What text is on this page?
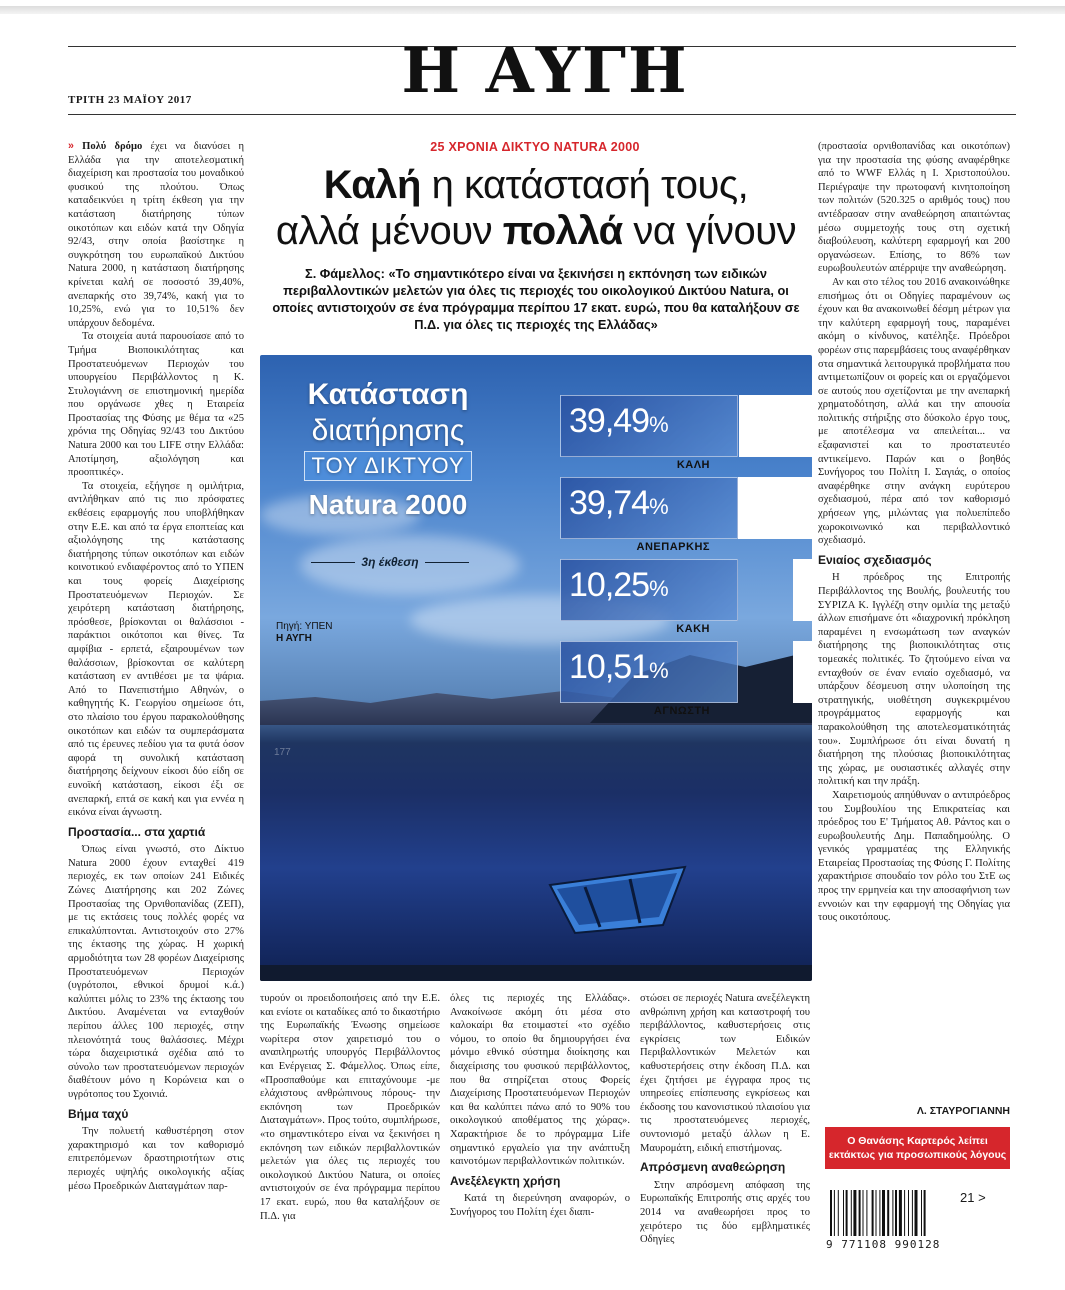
Η ΑΥΓΗ
ΤΡΙΤΗ 23 ΜΑΪΟΥ 2017

» Πολύ δρόμο έχει να διανύσει η Ελλάδα για την αποτελεσματική διαχείριση και προστασία του μοναδικού φυσικού της πλούτου. Όπως καταδεικνύει η τρίτη έκθεση για την κατάσταση διατήρησης τύπων οικοτόπων και ειδών κατά την Οδηγία 92/43, στην οποία βασίστηκε η συγκρότηση του ευρωπαϊκού Δικτύου Natura 2000, η κατάσταση διατήρησης κρίνεται καλή σε ποσοστό 39,40%, ανεπαρκής στο 39,74%, κακή για το 10,25%, ενώ για το 10,51% δεν υπάρχουν δεδομένα.

Τα στοιχεία αυτά παρουσίασε από το Τμήμα Βιοποικιλότητας και Προστατευόμενων Περιοχών του υπουργείου Περιβάλλοντος η Κ. Στυλογιάννη σε επιστημονική ημερίδα που οργάνωσε χθες η Εταιρεία Προστασίας της Φύσης με θέμα τα «25 χρόνια της Οδηγίας 92/43 του Δικτύου Natura 2000 και του LIFE στην Ελλάδα: Αποτίμηση, αξιολόγηση και προοπτικές».

Τα στοιχεία, εξήγησε η ομιλήτρια, αντλήθηκαν από τις πιο πρόσφατες εκθέσεις εφαρμογής που υποβλήθηκαν στην Ε.Ε. και από τα έργα εποπτείας και αξιολόγησης της κατάστασης διατήρησης τύπων οικοτόπων και ειδών κοινοτικού ενδιαφέροντος από το ΥΠΕΝ και τους φορείς Διαχείρισης Προστατευόμενων Περιοχών. Σε χειρότερη κατάσταση διατήρησης, πρόσθεσε, βρίσκονται οι θαλάσσιοι - παράκτιοι οικότοποι και θίνες. Τα αμφίβια - ερπετά, εξαιρουμένων των θαλάσσιων, βρίσκονται σε καλύτερη κατάσταση εν αντιθέσει με τα ψάρια. Από το Πανεπιστήμιο Αθηνών, ο καθηγητής Κ. Γεωργίου σημείωσε ότι, στο πλαίσιο του έργου παρακολούθησης οικοτόπων και ειδών τα συμπεράσματα από τις έρευνες πεδίου για τα φυτά όσον αφορά τη συνολική κατάσταση διατήρησης δείχνουν είκοσι δύο είδη σε ευνοϊκή κατάσταση, είκοσι έξι σε ανεπαρκή, επτά σε κακή και για εννέα η εικόνα είναι άγνωστη.

Προστασία... στα χαρτιά

Όπως είναι γνωστό, στο Δίκτυο Natura 2000 έχουν ενταχθεί 419 περιοχές, εκ των οποίων 241 Ειδικές Ζώνες Διατήρησης και 202 Ζώνες Προστασίας της Ορνιθοπανίδας (ΖΕΠ), με τις εκτάσεις τους πολλές φορές να επικαλύπτονται. Αντιστοιχούν στο 27% της έκτασης της χώρας. Η χωρική αρμοδιότητα των 28 φορέων Διαχείρισης Προστατευόμενων Περιοχών (υγρότοποι, εθνικοί δρυμοί κ.ά.) καλύπτει μόλις το 23% της έκτασης του Δικτύου. Αναμένεται να ενταχθούν περίπου άλλες 100 περιοχές, στην πλειονότητά τους θαλάσσιες. Μέχρι τώρα διαχειριστικά σχέδια από το σύνολο των προστατευόμενων περιοχών διαθέτουν μόνο η Κορώνεια και ο υγρότοπος του Σχοινιά.

Βήμα ταχύ

Την πολυετή καθυστέρηση στον χαρακτηρισμό και τον καθορισμό επιτρεπόμενων δραστηριοτήτων στις περιοχές υψηλής οικολογικής αξίας μέσω Προεδρικών Διαταγμάτων παρ-

25 ΧΡΟΝΙΑ ΔΙΚΤΥΟ NATURA 2000
Καλή η κατάστασή τους,
αλλά μένουν πολλά να γίνουν
Σ. Φάμελλος: «Το σημαντικότερο είναι να ξεκινήσει η εκπόνηση των ειδικών περιβαλλοντικών μελετών για όλες τις περιοχές του οικολογικού Δικτύου Natura, οι οποίες αντιστοιχούν σε ένα πρόγραμμα περίπου 17 εκατ. ευρώ, που θα καταλήξουν σε Π.Δ. για όλες τις περιοχές της Ελλάδας»
177
Κατάσταση
διατήρησης
ΤΟΥ ΔΙΚΤΥΟΥ
Natura 2000
3η έκθεση
Πηγή: ΥΠΕΝ
Η ΑΥΓΗ
39,49%
ΚΑΛΗ
39,74%
ΑΝΕΠΑΡΚΗΣ
10,25%
ΚΑΚΗ
10,51%
ΑΓΝΩΣΤΗ

τυρούν οι προειδοποιήσεις από την Ε.Ε. και ενίοτε οι καταδίκες από το δικαστήριο της Ευρωπαϊκής Ένωσης σημείωσε νωρίτερα στον χαιρετισμό του ο αναπληρωτής υπουργός Περιβάλλοντος και Ενέργειας Σ. Φάμελλος. Όπως είπε, «Προσπαθούμε και επιταχύνουμε -με ελάχιστους ανθρώπινους πόρους- την εκπόνηση των Προεδρικών Διαταγμάτων». Προς τούτο, συμπλήρωσε, «το σημαντικότερο είναι να ξεκινήσει η εκπόνηση των ειδικών περιβαλλοντικών μελετών για όλες τις περιοχές του οικολογικού Δικτύου Natura, οι οποίες αντιστοιχούν σε ένα πρόγραμμα περίπου 17 εκατ. ευρώ, που θα καταλήξουν σε Π.Δ. για

όλες τις περιοχές της Ελλάδας». Ανακοίνωσε ακόμη ότι μέσα στο καλοκαίρι θα ετοιμαστεί «το σχέδιο νόμου, το οποίο θα δημιουργήσει ένα μόνιμο εθνικό σύστημα διοίκησης και διαχείρισης του φυσικού περιβάλλοντος, που θα στηρίζεται στους Φορείς Διαχείρισης Προστατευόμενων Περιοχών και θα καλύπτει πάνω από το 90% του οικολογικού αποθέματος της χώρας». Χαρακτήρισε δε το πρόγραμμα Life σημαντικό εργαλείο για την ανάπτυξη καινοτόμων περιβαλλοντικών πολιτικών.

Ανεξέλεγκτη χρήση

Κατά τη διερεύνηση αναφορών, ο Συνήγορος του Πολίτη έχει διαπι-

στώσει σε περιοχές Natura ανεξέλεγκτη ανθρώπινη χρήση και καταστροφή του περιβάλλοντος, καθυστερήσεις στις εγκρίσεις των Ειδικών Περιβαλλοντικών Μελετών και καθυστερήσεις στην έκδοση Π.Δ. και έχει ζητήσει με έγγραφα προς τις υπηρεσίες επίσπευσης εγκρίσεως και έκδοσης του κανονιστικού πλαισίου για τις προστατευόμενες περιοχές, συντονισμό μεταξύ άλλων η Ε. Μαυρομάτη, ειδική επιστήμονας.

Απρόσμενη αναθεώρηση

Στην απρόσμενη απόφαση της Ευρωπαϊκής Επιτροπής στις αρχές του 2014 να αναθεωρήσει προς το χειρότερο τις δύο εμβληματικές Οδηγίες

(προστασία ορνιθοπανίδας και οικοτόπων) για την προστασία της φύσης αναφέρθηκε από το WWF Ελλάς η Ι. Χριστοπούλου. Περιέγραψε την πρωτοφανή κινητοποίηση των πολιτών (520.325 ο αριθμός τους) που αντέδρασαν στην αναθεώρηση απαιτώντας μέσω συμμετοχής τους στη σχετική διαβούλευση, καλύτερη εφαρμογή και 200 οργανώσεων. Επίσης, το 86% των ευρωβουλευτών απέρριψε την αναθεώρηση.

Αν και στο τέλος του 2016 ανακοινώθηκε επισήμως ότι οι Οδηγίες παραμένουν ως έχουν και θα ανακοινωθεί δέσμη μέτρων για την καλύτερη εφαρμογή τους, παραμένει ακόμη ο κίνδυνος, κατέληξε. Πρόεδροι φορέων στις παρεμβάσεις τους αναφέρθηκαν στα σημαντικά λειτουργικά προβλήματα που αντιμετωπίζουν οι φορείς και οι εργαζόμενοι σε αυτούς που σχετίζονται με την ανεπαρκή χρηματοδότηση, αλλά και την απουσία πολιτικής στήριξης στο δύσκολο έργο τους, με αποτέλεσμα να απειλείται... να εξαφανιστεί και το προστατευτέο αντικείμενο. Παρών και ο βοηθός Συνήγορος του Πολίτη Ι. Σαγιάς, ο οποίος αναφέρθηκε στην ανάγκη ευρύτερου σχεδιασμού, πέρα από τον καθορισμό χρήσεων γης, μιλώντας για πολυεπίπεδο χωροκοινωνικό και περιβαλλοντικό σχεδιασμό.

Ενιαίος σχεδιασμός

Η πρόεδρος της Επιτροπής Περιβάλλοντος της Βουλής, βουλευτής του ΣΥΡΙΖΑ Κ. Ιγγλέζη στην ομιλία της μεταξύ άλλων επισήμανε ότι «διαχρονική πρόκληση παραμένει η ενσωμάτωση των αναγκών διατήρησης της βιοποικιλότητας στις τομεακές πολιτικές. Το ζητούμενο είναι να ενταχθούν σε έναν ενιαίο σχεδιασμό, να υπάρξουν δέσμευση στην υλοποίηση της στρατηγικής, υιοθέτηση συγκεκριμένου προγράμματος εφαρμογής και παρακολούθηση της αποτελεσματικότητάς του». Συμπλήρωσε ότι είναι δυνατή η διατήρηση της πλούσιας βιοποικιλότητας της χώρας, με ουσιαστικές αλλαγές στην πολιτική και την πράξη.

Χαιρετισμούς απηύθυναν ο αντιπρόεδρος του Συμβουλίου της Επικρατείας και πρόεδρος του Ε' Τμήματος Αθ. Ράντος και ο ευρωβουλευτής Δημ. Παπαδημούλης. Ο γενικός γραμματέας της Ελληνικής Εταιρείας Προστασίας της Φύσης Γ. Πολίτης χαρακτήρισε σπουδαίο τον ρόλο του ΣτΕ ως προς την ερμηνεία και την αποσαφήνιση των εννοιών και την εφαρμογή της Οδηγίας για τους οικοτόπους.

Λ. ΣΤΑΥΡΟΓΙΑΝΝΗ
Ο Θανάσης Καρτερός λείπει εκτάκτως για προσωπικούς λόγους
21 >
9 771108 990128
